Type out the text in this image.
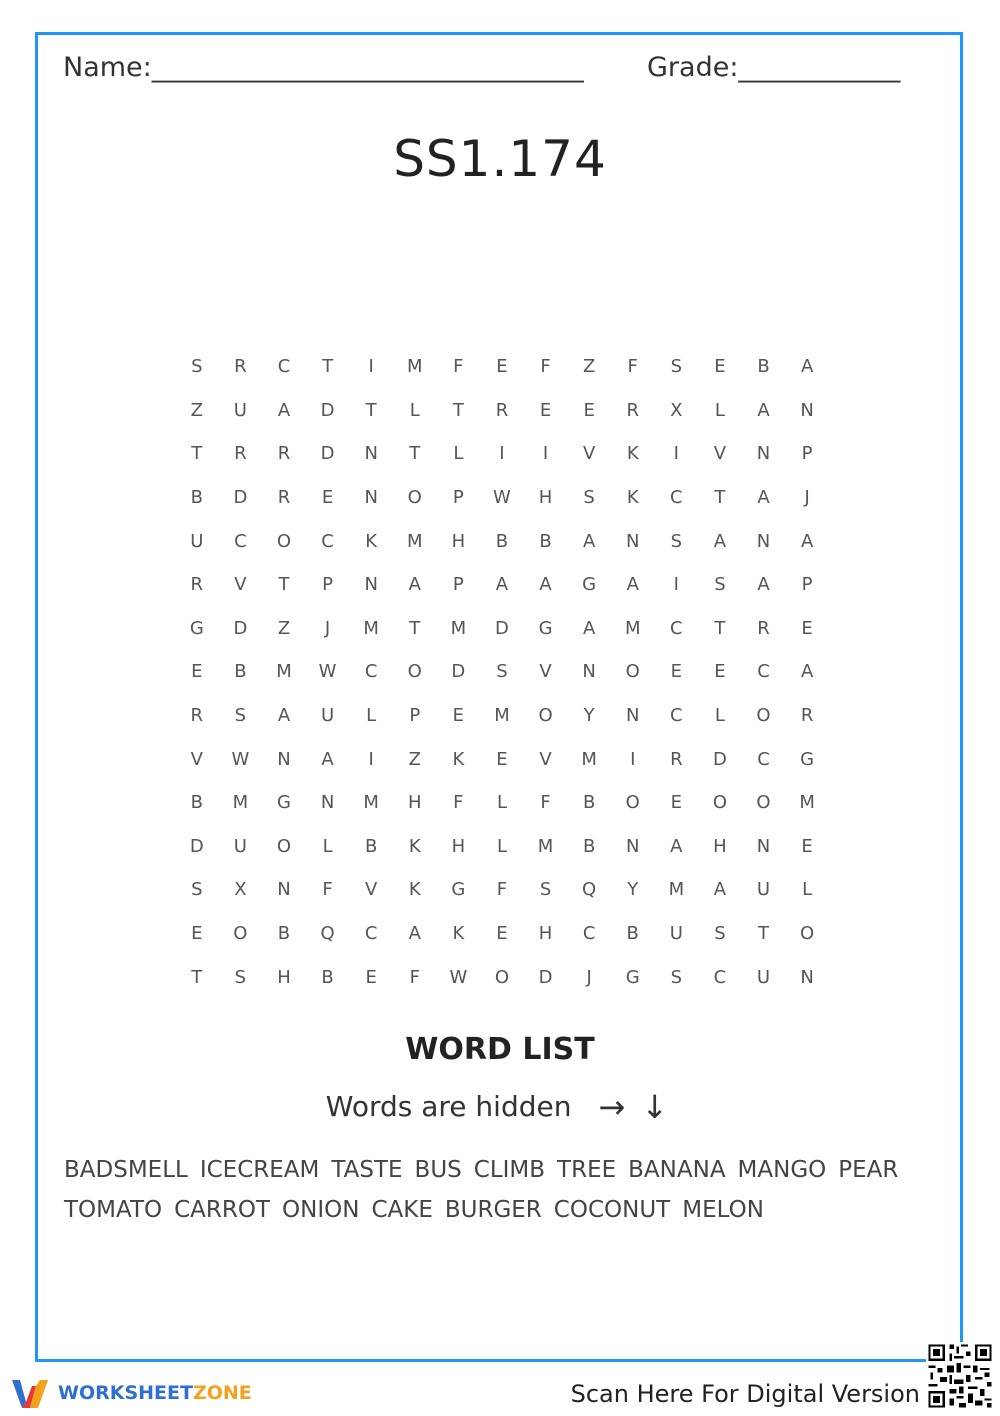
Name:________________________________ Grade:____________
SS1.174
S	R	C	T	I	M	F	E	F	Z	F	S	E	B	A
Z	U	A	D	T	L	T	R	E	E	R	X	L	A	N
T	R	R	D	N	T	L	I	I	V	K	I	V	N	P
B	D	R	E	N	O	P	W	H	S	K	C	T	A	J
U	C	O	C	K	M	H	B	B	A	N	S	A	N	A
R	V	T	P	N	A	P	A	A	G	A	I	S	A	P
G	D	Z	J	M	T	M	D	G	A	M	C	T	R	E
E	B	M	W	C	O	D	S	V	N	O	E	E	C	A
R	S	A	U	L	P	E	M	O	Y	N	C	L	O	R
V	W	N	A	I	Z	K	E	V	M	I	R	D	C	G
B	M	G	N	M	H	F	L	F	B	O	E	O	O	M
D	U	O	L	B	K	H	L	M	B	N	A	H	N	E
S	X	N	F	V	K	G	F	S	Q	Y	M	A	U	L
E	O	B	Q	C	A	K	E	H	C	B	U	S	T	O
T	S	H	B	E	F	W	O	D	J	G	S	C	U	N
WORD LIST
Words are hidden → ↓
BADSMELL ICECREAM TASTE BUS CLIMB TREE BANANA MANGO PEARTOMATO CARROT ONION CAKE BURGER COCONUT MELON
WORKSHEET ZONE	Scan Here For Digital Version
